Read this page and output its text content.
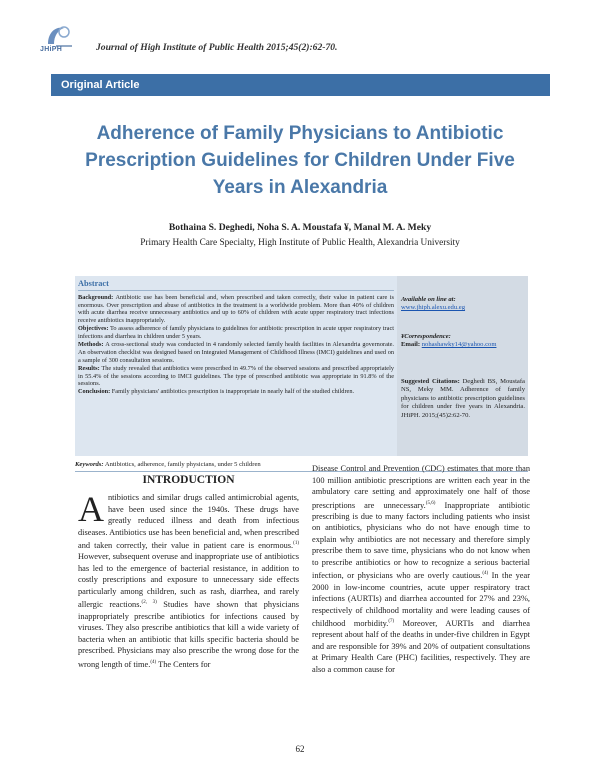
JHiPH	Journal of High Institute of Public Health 2015;45(2):62-70.
Original Article
Adherence of Family Physicians to Antibiotic Prescription Guidelines for Children Under Five Years in Alexandria
Bothaina S. Deghedi, Noha S. A. Moustafa ¥, Manal M. A. Meky
Primary Health Care Specialty, High Institute of Public Health, Alexandria University
Abstract

Background: Antibiotic use has been beneficial and, when prescribed and taken correctly, their value in patient care is enormous. Over prescription and abuse of antibiotics in the treatment is a worldwide problem. More than 40% of children with acute diarrhea receive unnecessary antibiotics and up to 60% of children with acute upper respiratory tract infections receive antibiotics inappropriately.

Objectives: To assess adherence of family physicians to guidelines for antibiotic prescription in acute upper respiratory tract infections and diarrhea in children under 5 years.

Methods: A cross-sectional study was conducted in 4 randomly selected family health facilities in Alexandria governorate. An observation checklist was designed based on Integrated Management of Childhood Illness (IMCI) guidelines and used on a sample of 300 consultation sessions.

Results: The study revealed that antibiotics were prescribed in 49.7% of the observed sessions and prescribed appropriately in 55.4% of the sessions according to IMCI guidelines. The type of prescribed antibiotic was appropriate in 91.8% of the sessions.

Conclusion: Family physicians' antibiotics prescription is inappropriate in nearly half of the studied children.

Available on line at:
www.jhiph.alexu.edu.eg
¥Correspondence:
Email: nohashawky14@yahoo.com
Suggested Citations: Deghedi BS, Moustafa NS, Meky MM. Adherence of family physicians to antibiotic prescription guidelines for children under five years in Alexandria. JHiPH. 2015;(45)2:62-70.
Keywords: Antibiotics, adherence, family physicians, under 5 children
INTRODUCTION
Antibiotics and similar drugs called antimicrobial agents, have been used since the 1940s. These drugs have greatly reduced illness and death from infectious diseases. Antibiotics use has been beneficial and, when prescribed and taken correctly, their value in patient care is enormous.$^{(1)}$ However, subsequent overuse and inappropriate use of antibiotics has led to the emergence of bacterial resistance, in addition to costly prescriptions and exposure to unnecessary side effects particularly among children, such as rash, diarrhea, and rarely allergic reactions.$^{(2, 3)}$ Studies have shown that physicians inappropriately prescribe antibiotics for infections caused by viruses. They also prescribe antibiotics that kill a wide variety of bacteria when an antibiotic that kills specific bacteria should be prescribed. Physicians may also prescribe the wrong dose for the wrong length of time.$^{(4)}$ The Centers for
Disease Control and Prevention (CDC) estimates that more than 100 million antibiotic prescriptions are written each year in the ambulatory care setting and approximately one half of those prescriptions are unnecessary.$^{(5,6)}$ Inappropriate antibiotic prescribing is due to many factors including patients who insist on antibiotics, physicians who do not have enough time to explain why antibiotics are not necessary and therefore simply prescribe them to save time, physicians who do not know when to prescribe antibiotics or how to recognize a serious bacterial infection, or physicians who are overly cautious.$^{(4)}$ In the year 2000 in low-income countries, acute upper respiratory tract infections (AURTIs) and diarrhea accounted for 27% and 23%, respectively of childhood mortality and were leading causes of childhood morbidity.$^{(7)}$ Moreover, AURTIs and diarrhea represent about half of the deaths in under-five children in Egypt and are responsible for 39% and 20% of outpatient consultations at Primary Health Care (PHC) facilities, respectively. They are also a common cause for
62
